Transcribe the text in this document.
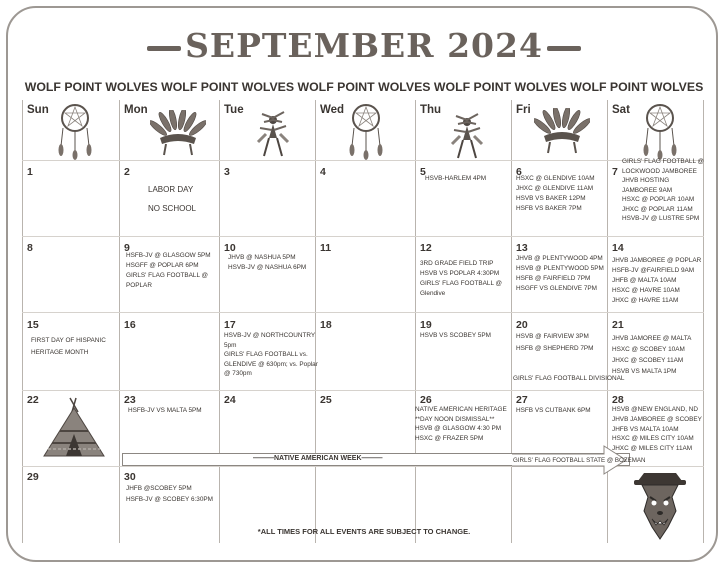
SEPTEMBER 2024
WOLF POINT WOLVES WOLF POINT WOLVES WOLF POINT WOLVES WOLF POINT WOLVES WOLF POINT WOLVES
Sun	Mon	Tue	Wed	Thu	Fri	Sat
1	2
LABOR DAY
NO SCHOOL
3	4	5
HSVB-HARLEM 4PM
6
HSXC @ GLENDIVE 10AM
JHXC @ GLENDIVE 11AM
HSVB VS BAKER 12PM
HSFB VS BAKER 7PM
7
GIRLS' FLAG FOOTBALL @
LOCKWOOD JAMBOREE
JHVB HOSTING
JAMBOREE 9AM
HSXC @ POPLAR 10AM
JHXC @ POPLAR 11AM
HSVB-JV @ LUSTRE 5PM
8	9
HSFB-JV @ GLASGOW 5PM
HSGFF @ POPLAR 6PM
GIRLS' FLAG FOOTBALL @
POPLAR
10
JHVB @ NASHUA 5PM
HSVB-JV @ NASHUA 6PM
11	12
3RD GRADE FIELD TRIP
HSVB VS POPLAR 4:30PM
GIRLS' FLAG FOOTBALL @
Glendive
13
JHVB @ PLENTYWOOD 4PM
HSVB @ PLENTYWOOD 5PM
HSFB @ FAIRFIELD 7PM
HSGFF VS GLENDIVE 7PM
14
JHVB JAMBOREE @ POPLAR
HSFB-JV @FAIRFIELD 9AM
JHFB @ MALTA 10AM
HSXC @ HAVRE 10AM
JHXC @ HAVRE 11AM
15
FIRST DAY OF HISPANIC
HERITAGE MONTH
16	17
HSVB-JV @ NORTHCOUNTRY
5pm
GIRLS' FLAG FOOTBALL vs.
GLENDIVE @ 630pm; vs. Poplar
@ 730pm
18	19
HSVB VS SCOBEY 5PM
20
HSVB @ FAIRVIEW 3PM
HSFB @ SHEPHERD 7PM
GIRLS' FLAG FOOTBALL DIVISIONAL
21
JHVB JAMOREE @ MALTA
HSXC @ SCOBEY 10AM
JHXC @ SCOBEY 11AM
HSVB VS MALTA 1PM
22	23
HSFB-JV VS MALTA 5PM
24	25	26
NATIVE AMERICAN HERITAGE
**DAY NOON DISMISSAL**
HSVB @ GLASGOW 4:30 PM
HSXC @ FRAZER 5PM
27
HSFB VS CUTBANK 6PM
28
HSVB @NEW ENGLAND, ND
JHVB JAMBOREE @ SCOBEY
JHFB VS MALTA 10AM
HSXC @ MILES CITY 10AM
JHXC @ MILES CITY 11AM
———NATIVE AMERICAN WEEK———	GIRLS' FLAG FOOTBALL STATE @ BOZEMAN
29	30
JHFB @SCOBEY 5PM
HSFB-JV @ SCOBEY 6:30PM
*ALL TIMES FOR ALL EVENTS ARE SUBJECT TO CHANGE.
